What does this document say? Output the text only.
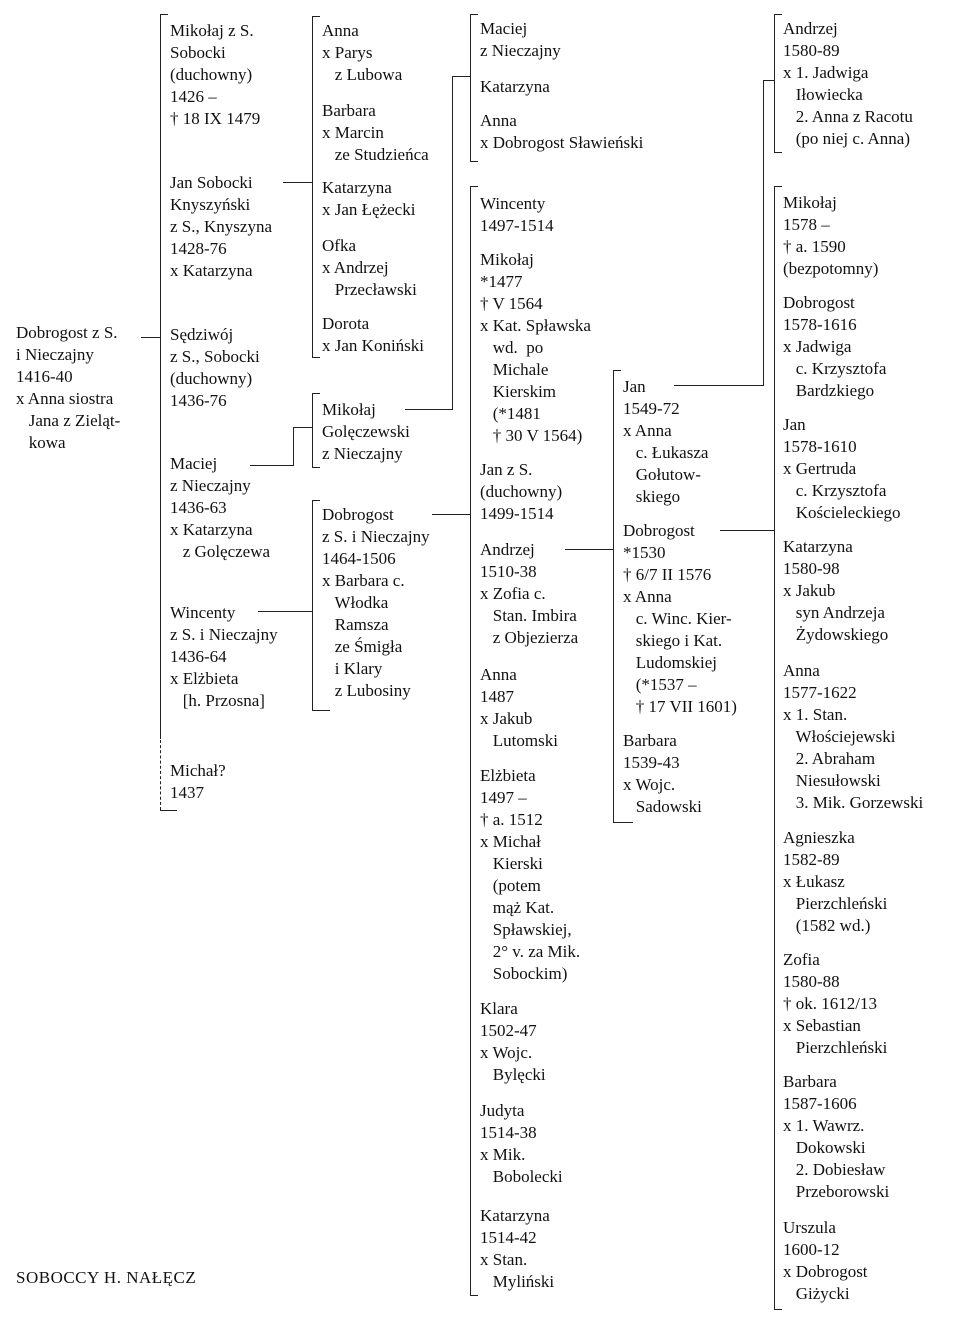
Dobrogost z S.
i Nieczajny
1416-40
x Anna siostra
Jana z Zieląt-
kowa
Mikołaj z S.
Sobocki
(duchowny)
1426 –
† 18 IX 1479
Jan Sobocki
Knyszyński
z S., Knyszyna
1428-76
x Katarzyna
Sędziwój
z S., Sobocki
(duchowny)
1436-76
Maciej
z Nieczajny
1436-63
x Katarzyna
z Golęczewa
Wincenty
z S. i Nieczajny
1436-64
x Elżbieta
[h. Przosna]
Michał?
1437
Anna
x Parys
z Lubowa
Barbara
x Marcin
ze Studzieńca
Katarzyna
x Jan Łężecki
Ofka
x Andrzej
Przecławski
Dorota
x Jan Koniński
Mikołaj
Golęczewski
z Nieczajny
Dobrogost
z S. i Nieczajny
1464-1506
x Barbara c.
Włodka
Ramsza
ze Śmigła
i Klary
z Lubosiny
Maciej
z Nieczajny
Katarzyna
Anna
x Dobrogost Sławieński
Wincenty
1497-1514
Mikołaj
*1477
† V 1564
x Kat. Spławska
wd.  po
Michale
Kierskim
(*1481
† 30 V 1564)
Jan z S.
(duchowny)
1499-1514
Andrzej
1510-38
x Zofia c.
Stan. Imbira
z Objezierza
Anna
1487
x Jakub
Lutomski
Elżbieta
1497 –
† a. 1512
x Michał
Kierski
(potem
mąż Kat.
Spławskiej,
2° v. za Mik.
Sobockim)
Klara
1502-47
x Wojc.
Bylęcki
Judyta
1514-38
x Mik.
Bobolecki
Katarzyna
1514-42
x Stan.
Myliński
Jan
1549-72
x Anna
c. Łukasza
Gołutow-
skiego
Dobrogost
*1530
† 6/7 II 1576
x Anna
c. Winc. Kier-
skiego i Kat.
Ludomskiej
(*1537 –
† 17 VII 1601)
Barbara
1539-43
x Wojc.
Sadowski
Andrzej
1580-89
x 1. Jadwiga
Iłowiecka
2. Anna z Racotu
(po niej c. Anna)
Mikołaj
1578 –
† a. 1590
(bezpotomny)
Dobrogost
1578-1616
x Jadwiga
c. Krzysztofa
Bardzkiego
Jan
1578-1610
x Gertruda
c. Krzysztofa
Kościeleckiego
Katarzyna
1580-98
x Jakub
syn Andrzeja
Żydowskiego
Anna
1577-1622
x 1. Stan.
Włościejewski
2. Abraham
Niesułowski
3. Mik. Gorzewski
Agnieszka
1582-89
x Łukasz
Pierzchleński
(1582 wd.)
Zofia
1580-88
† ok. 1612/13
x Sebastian
Pierzchleński
Barbara
1587-1606
x 1. Wawrz.
Dokowski
2. Dobiesław
Przeborowski
Urszula
1600-12
x Dobrogost
Giżycki
SOBOCCY H. NAŁĘCZ
